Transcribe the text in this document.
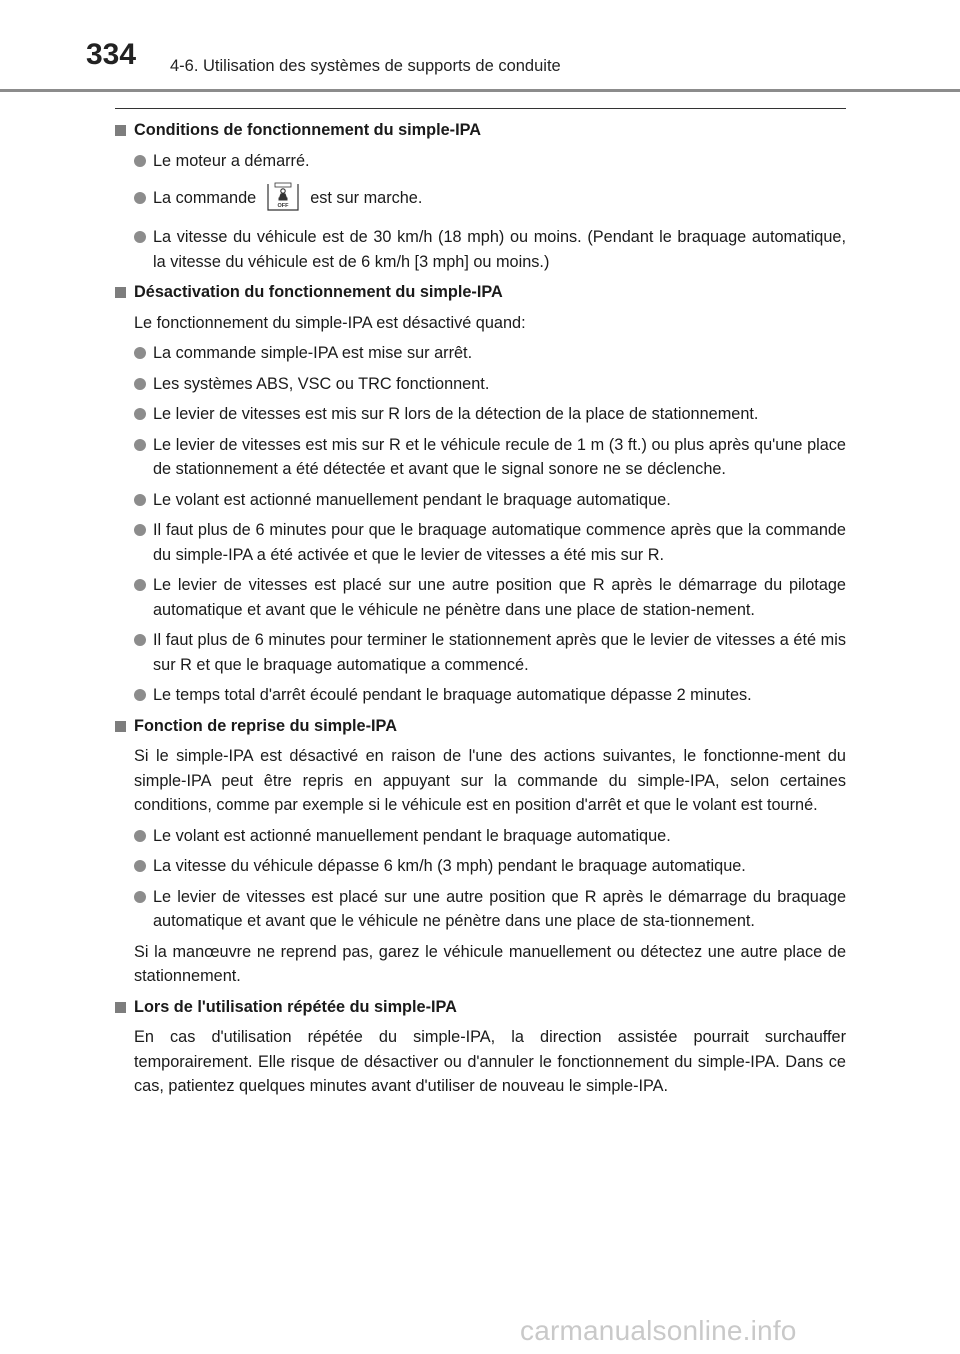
334 4-6. Utilisation des systèmes de supports de conduite
Conditions de fonctionnement du simple-IPA
Le moteur a démarré.
La commande	OFF est sur marche.
La vitesse du véhicule est de 30 km/h (18 mph) ou moins. (Pendant le braquage automatique, la vitesse du véhicule est de 6 km/h [3 mph] ou moins.)
Désactivation du fonctionnement du simple-IPA
Le fonctionnement du simple-IPA est désactivé quand:
La commande simple-IPA est mise sur arrêt.
Les systèmes ABS, VSC ou TRC fonctionnent.
Le levier de vitesses est mis sur R lors de la détection de la place de stationnement.
Le levier de vitesses est mis sur R et le véhicule recule de 1 m (3 ft.) ou plus après qu'une place de stationnement a été détectée et avant que le signal sonore ne se déclenche.
Le volant est actionné manuellement pendant le braquage automatique.
Il faut plus de 6 minutes pour que le braquage automatique commence après que la commande du simple-IPA a été activée et que le levier de vitesses a été mis sur R.
Le levier de vitesses est placé sur une autre position que R après le démarrage du pilotage automatique et avant que le véhicule ne pénètre dans une place de station-nement.
Il faut plus de 6 minutes pour terminer le stationnement après que le levier de vitesses a été mis sur R et que le braquage automatique a commencé.
Le temps total d'arrêt écoulé pendant le braquage automatique dépasse 2 minutes.
Fonction de reprise du simple-IPA
Si le simple-IPA est désactivé en raison de l'une des actions suivantes, le fonctionne-ment du simple-IPA peut être repris en appuyant sur la commande du simple-IPA, selon certaines conditions, comme par exemple si le véhicule est en position d'arrêt et que le volant est tourné.
Le volant est actionné manuellement pendant le braquage automatique.
La vitesse du véhicule dépasse 6 km/h (3 mph) pendant le braquage automatique.
Le levier de vitesses est placé sur une autre position que R après le démarrage du braquage automatique et avant que le véhicule ne pénètre dans une place de sta-tionnement.
Si la manœuvre ne reprend pas, garez le véhicule manuellement ou détectez une autre place de stationnement.
Lors de l'utilisation répétée du simple-IPA
En cas d'utilisation répétée du simple-IPA, la direction assistée pourrait surchauffer temporairement. Elle risque de désactiver ou d'annuler le fonctionnement du simple-IPA. Dans ce cas, patientez quelques minutes avant d'utiliser de nouveau le simple-IPA.
carmanualsonline.info
